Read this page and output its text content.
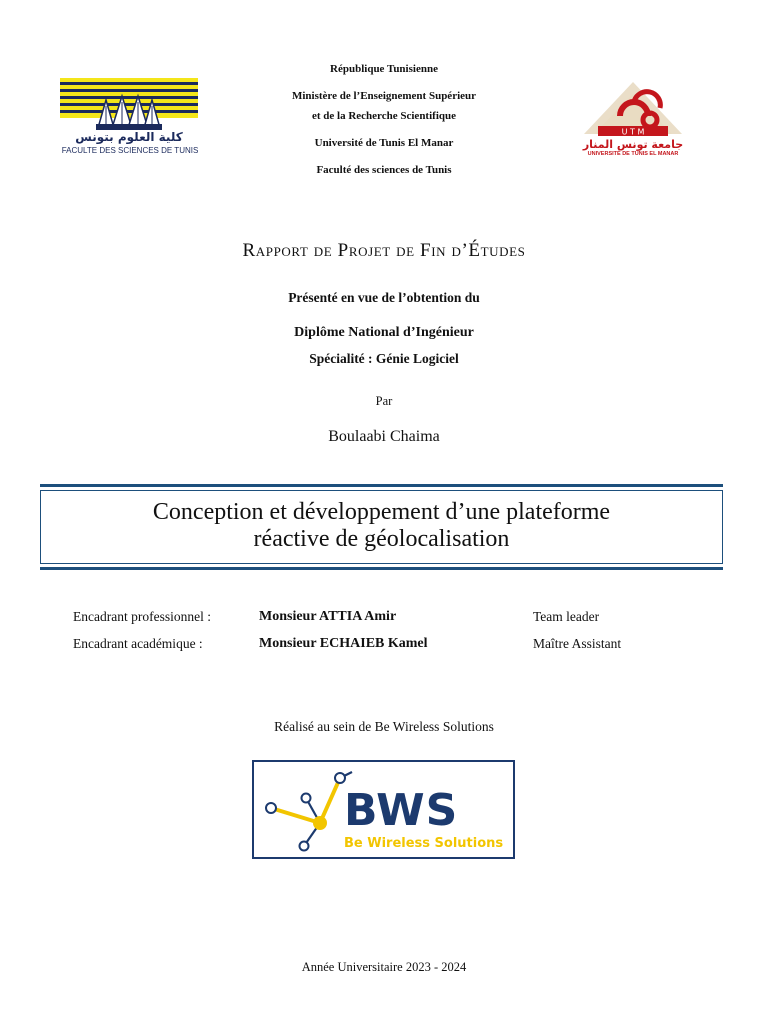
كلية العلوم بتونس
FACULTE DES SCIENCES DE TUNIS
République Tunisienne
Ministère de l’Enseignement Supérieur
et de la Recherche Scientifique
Université de Tunis El Manar
Faculté des sciences de Tunis
U T M
جامعة تونس المنار
UNIVERSITÉ DE TUNIS EL MANAR
Rapport de Projet de Fin d’Études
Présenté en vue de l’obtention du
Diplôme National d’Ingénieur
Spécialité : Génie Logiciel
Par
Boulaabi Chaima
Conception et développement d’une plateforme
réactive de géolocalisation
Encadrant professionnel :	Monsieur ATTIA Amir	Team leader
Encadrant académique :	Monsieur ECHAIEB Kamel	Maître Assistant
Réalisé au sein de Be Wireless Solutions
BWS
Be Wireless Solutions
Année Universitaire 2023 - 2024
